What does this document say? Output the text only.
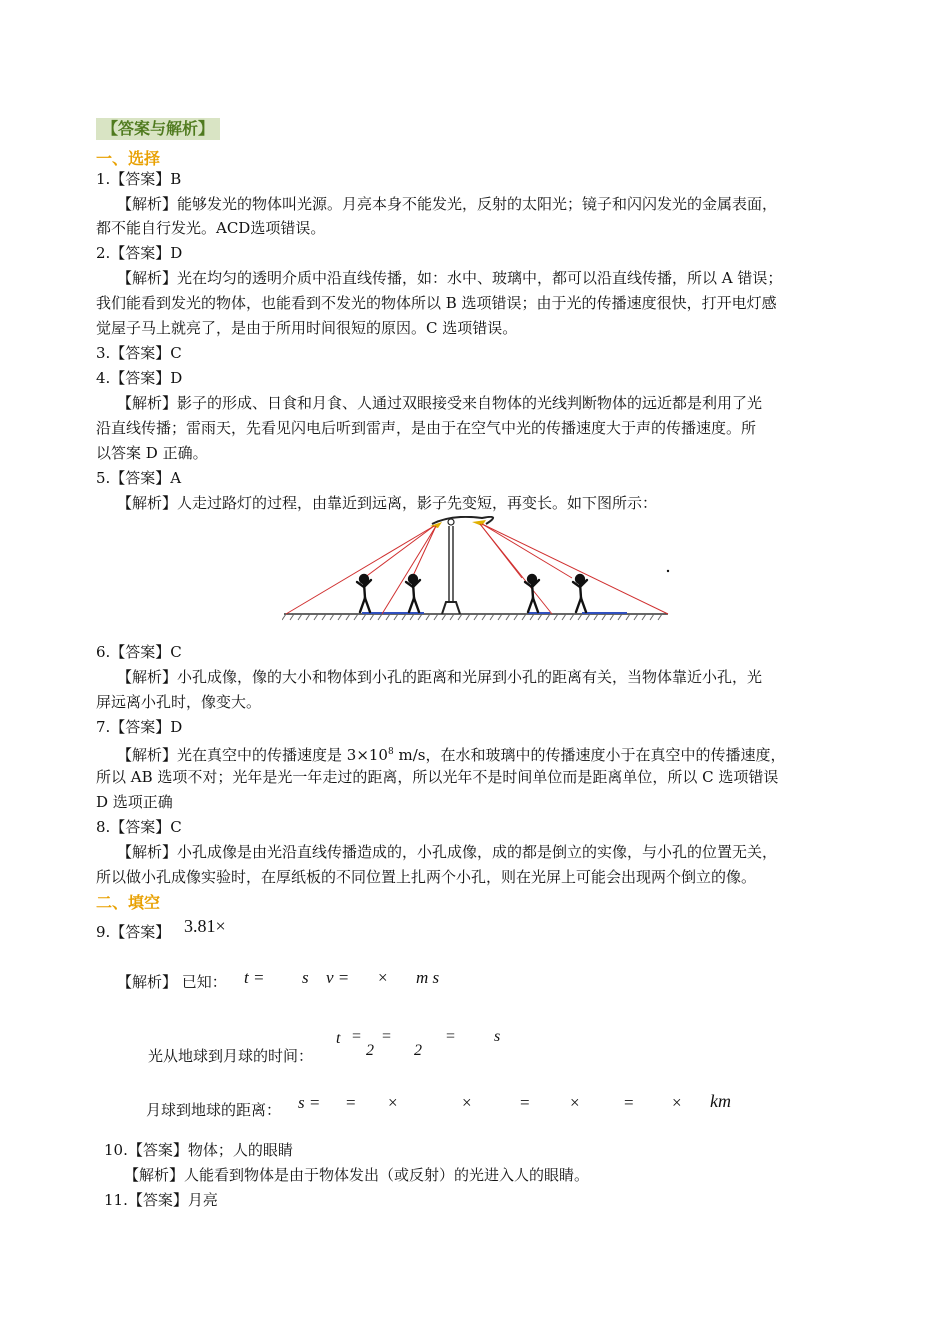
【答案与解析】
一、选择
1.【答案】B
【解析】能够发光的物体叫光源。月亮本身不能发光，反射的太阳光；镜子和闪闪发光的金属表面，
都不能自行发光。ACD选项错误。
2.【答案】D
【解析】光在均匀的透明介质中沿直线传播，如：水中、玻璃中，都可以沿直线传播，所以 A 错误；
我们能看到发光的物体，也能看到不发光的物体所以 B 选项错误；由于光的传播速度很快，打开电灯感
觉屋子马上就亮了，是由于所用时间很短的原因。C 选项错误。
3.【答案】C
4.【答案】D
【解析】影子的形成、日食和月食、人通过双眼接受来自物体的光线判断物体的远近都是利用了光
沿直线传播；雷雨天，先看见闪电后听到雷声，是由于在空气中光的传播速度大于声的传播速度。所
以答案 D 正确。
5.【答案】A
【解析】人走过路灯的过程，由靠近到远离，影子先变短，再变长。如下图所示：
6.【答案】C
【解析】小孔成像，像的大小和物体到小孔的距离和光屏到小孔的距离有关，当物体靠近小孔，光
屏远离小孔时，像变大。
7.【答案】D
【解析】光在真空中的传播速度是 $3\times 10^8$ m/s，在水和玻璃中的传播速度小于在真空中的传播速度，
所以 AB 选项不对；光年是光一年走过的距离，所以光年不是时间单位而是距离单位，所以 C 选项错误
D 选项正确
8.【答案】C
【解析】小孔成像是由光沿直线传播造成的，小孔成像，成的都是倒立的实像，与小孔的位置无关，
所以做小孔成像实验时，在厚纸板的不同位置上扎两个小孔，则在光屏上可能会出现两个倒立的像。
二、填空
9.【答案】 3.81×
【解析】 已知： t = s v = × m s
光从地球到月球的时间：
t =
2
=
2
= s
月球到地球的距离： s = = ×	×	= ×	= × km
10.【答案】物体；人的眼睛
【解析】人能看到物体是由于物体发出（或反射）的光进入人的眼睛。
11.【答案】月亮
